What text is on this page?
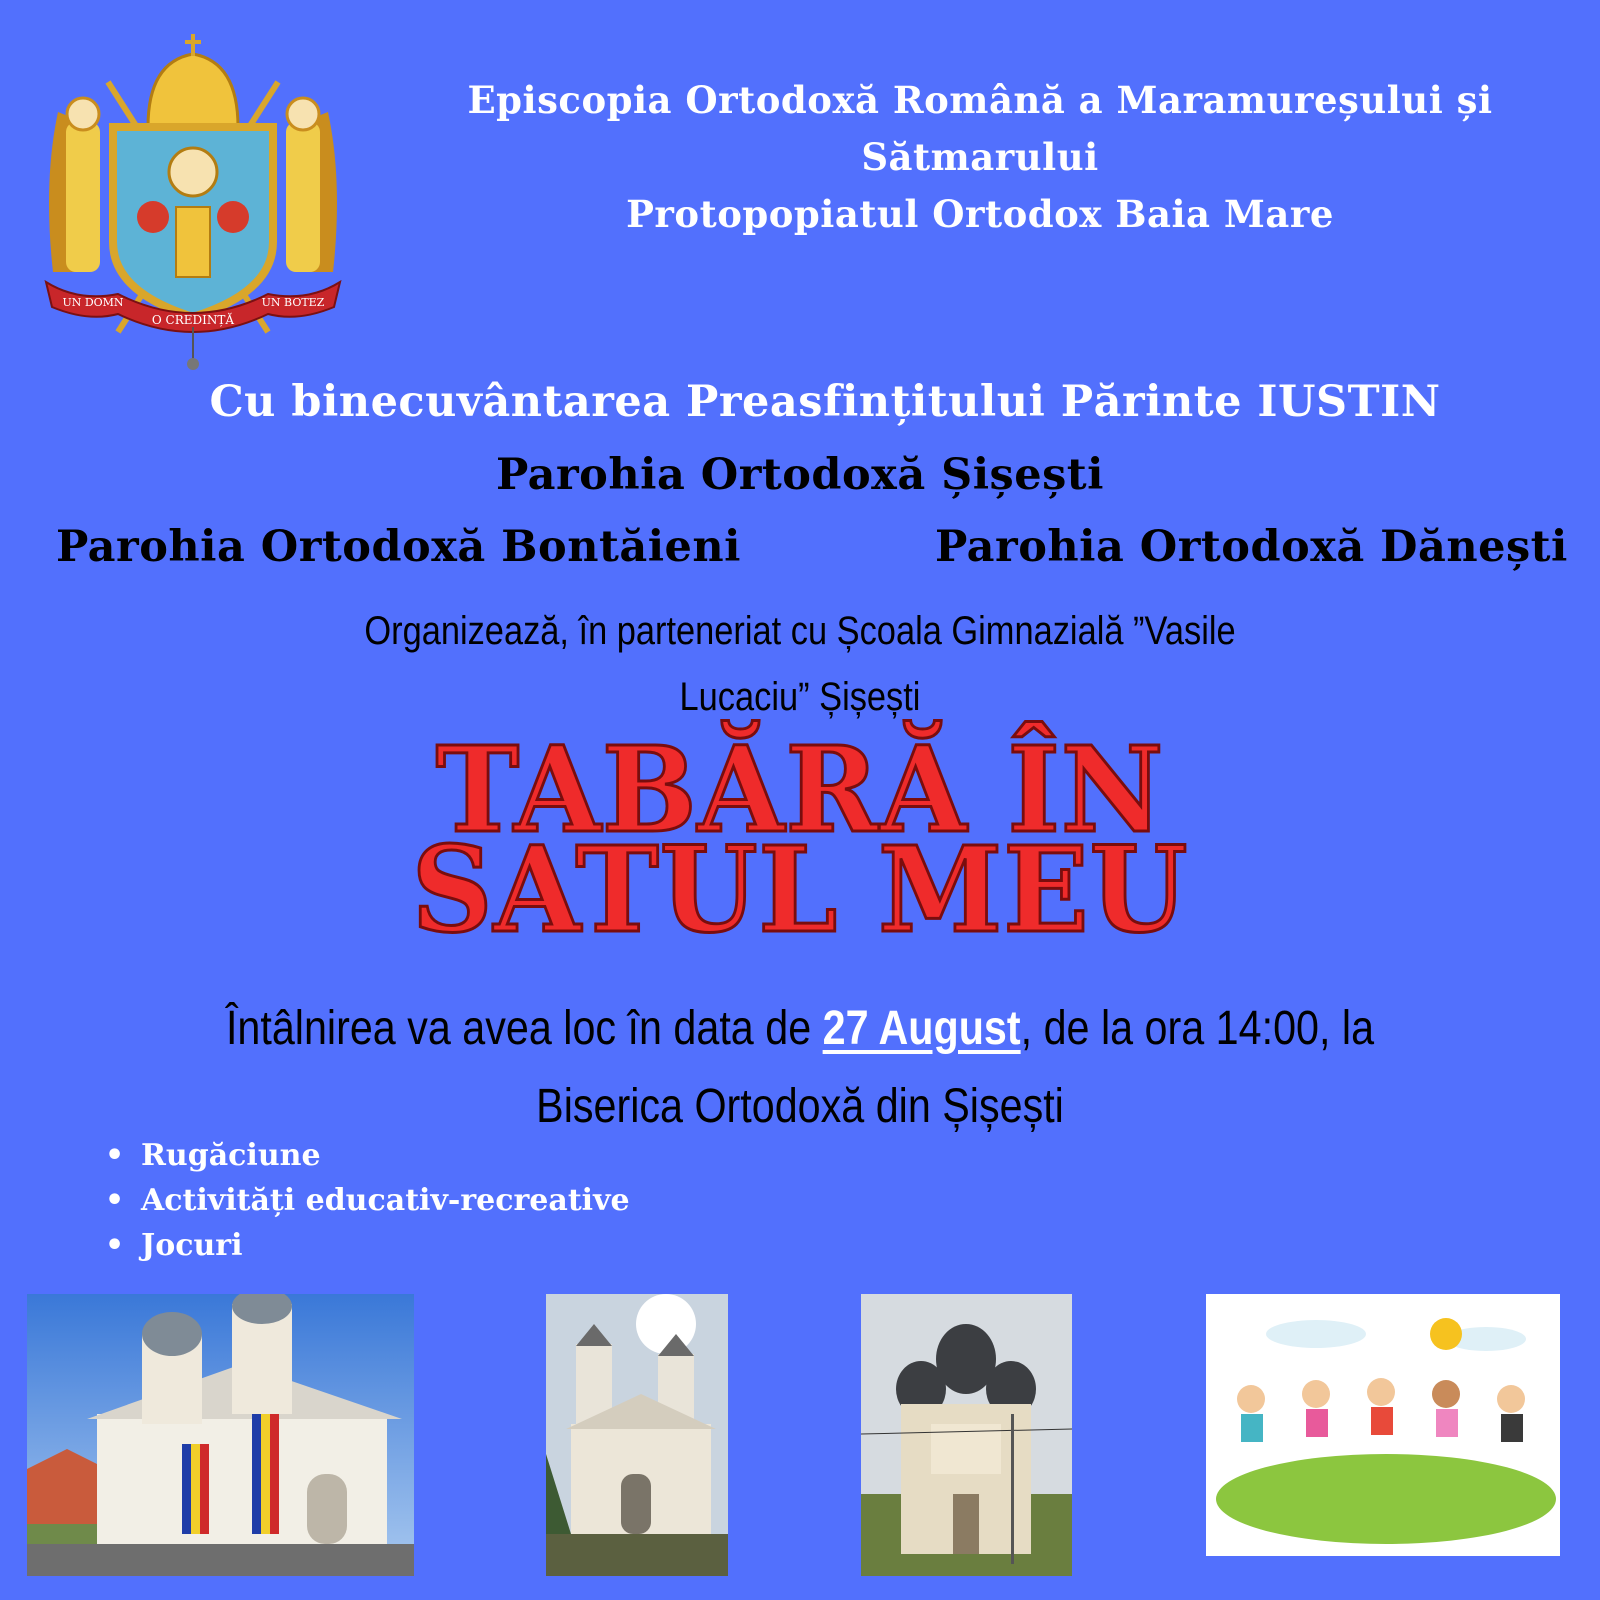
UN DOMN
O CREDINȚĂ
UN BOTEZ
Episcopia Ortodoxă Română a Maramureșului și
Sătmarului
Protopopiatul Ortodox Baia Mare
Cu binecuvântarea Preasfințitului Părinte IUSTIN
Parohia Ortodoxă Șișești
Parohia Ortodoxă Bontăieni	Parohia Ortodoxă Dănești
Organizează, în parteneriat cu Școala Gimnazială ”Vasile
Lucaciu” Șișești
TABĂRĂ ÎN
SATUL MEU
Întâlnirea va avea loc în data de 27 August, de la ora 14:00, la
Biserica Ortodoxă din Șișești
• Rugăciune
• Activități educativ-recreative
• Jocuri
